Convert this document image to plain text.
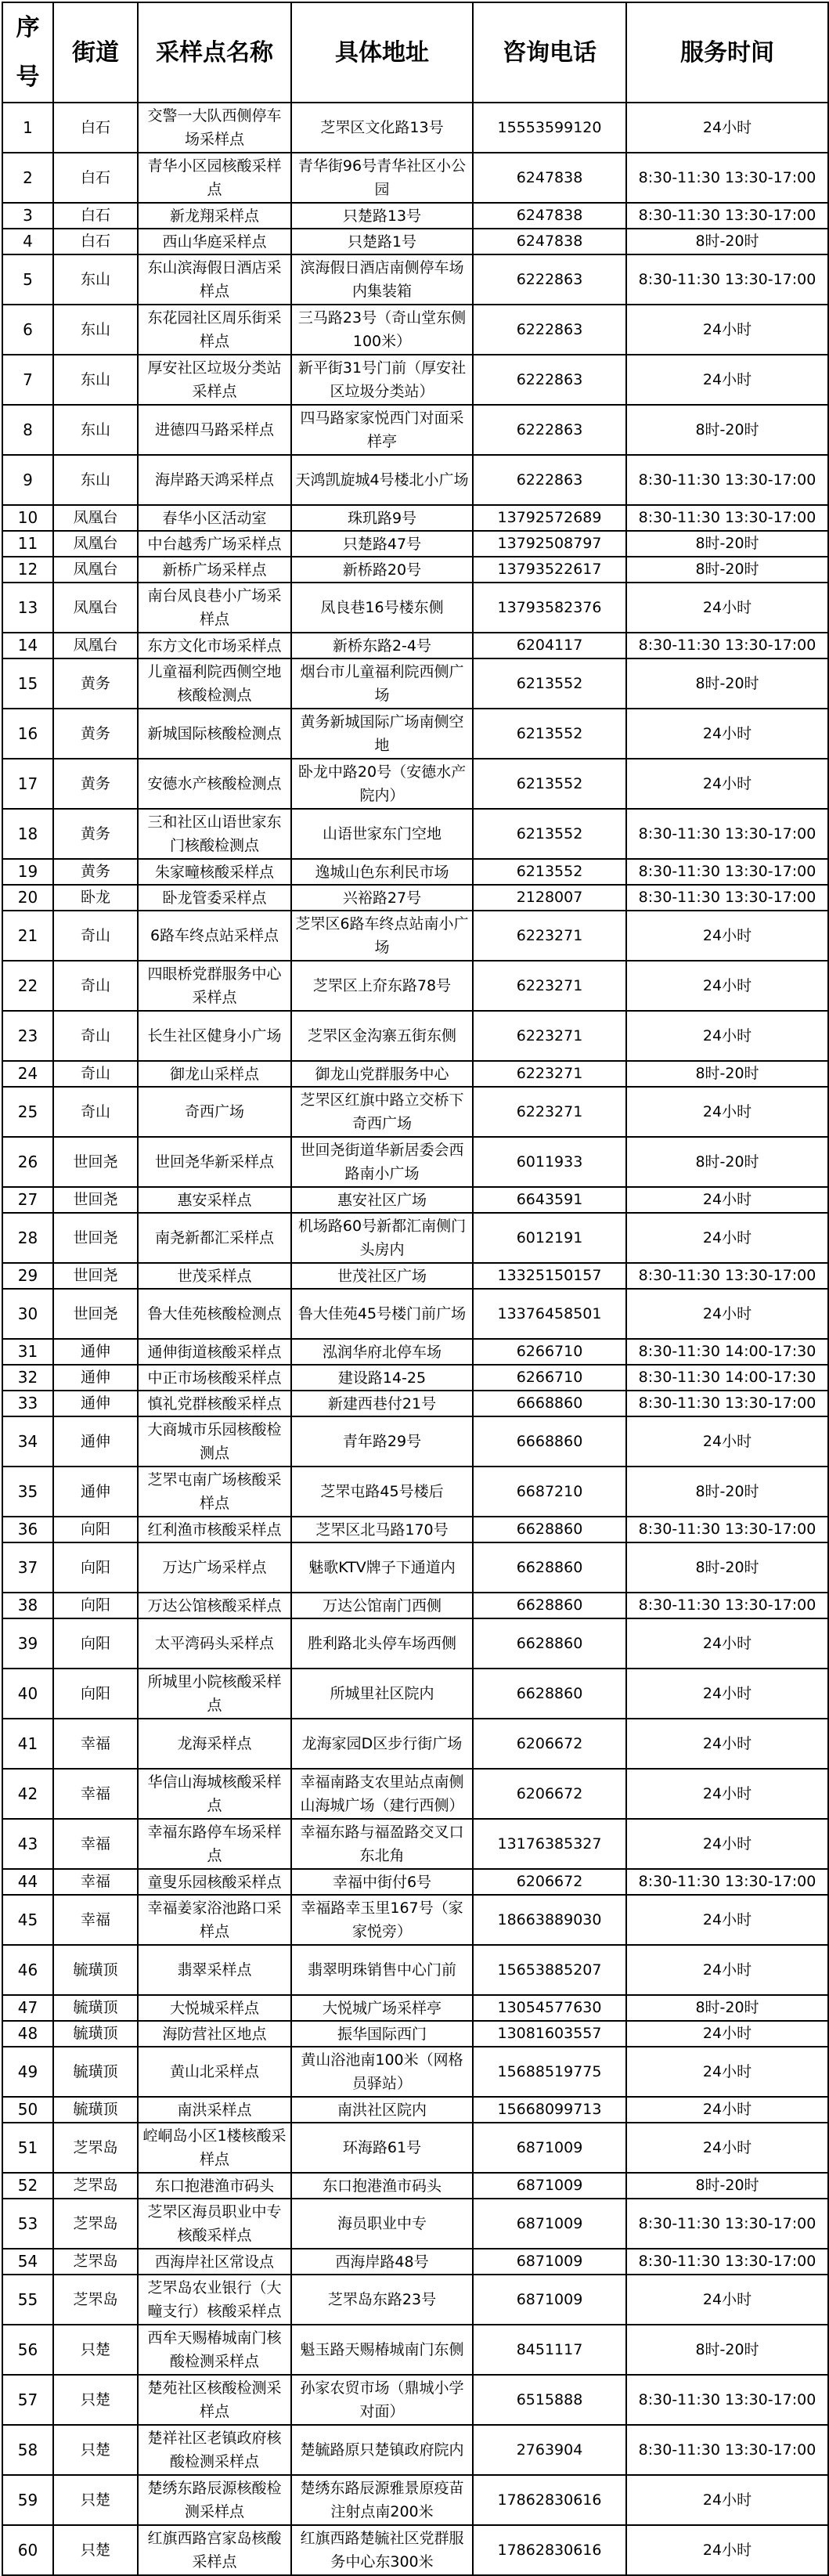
序号	街道	采样点名称	具体地址	咨询电话	服务时间
1	白石	交警一大队西侧停车场采样点	芝罘区文化路13号	15553599120	24小时
2	白石	青华小区园核酸采样点	青华街96号青华社区小公园	6247838	8:30-11:30 13:30-17:00
3	白石	新龙翔采样点	只楚路13号	6247838	8:30-11:30 13:30-17:00
4	白石	西山华庭采样点	只楚路1号	6247838	8时-20时
5	东山	东山滨海假日酒店采样点	滨海假日酒店南侧停车场内集装箱	6222863	8:30-11:30 13:30-17:00
6	东山	东花园社区周乐街采样点	三马路23号（奇山堂东侧100米）	6222863	24小时
7	东山	厚安社区垃圾分类站采样点	新平街31号门前（厚安社区垃圾分类站）	6222863	24小时
8	东山	进德四马路采样点	四马路家家悦西门对面采样亭	6222863	8时-20时
9	东山	海岸路天鸿采样点	天鸿凯旋城4号楼北小广场	6222863	8:30-11:30 13:30-17:00
10	凤凰台	春华小区活动室	珠玑路9号	13792572689	8:30-11:30 13:30-17:00
11	凤凰台	中台越秀广场采样点	只楚路47号	13792508797	8时-20时
12	凤凰台	新桥广场采样点	新桥路20号	13793522617	8时-20时
13	凤凰台	南台凤良巷小广场采样点	凤良巷16号楼东侧	13793582376	24小时
14	凤凰台	东方文化市场采样点	新桥东路2-4号	6204117	8:30-11:30 13:30-17:00
15	黄务	儿童福利院西侧空地核酸检测点	烟台市儿童福利院西侧广场	6213552	8时-20时
16	黄务	新城国际核酸检测点	黄务新城国际广场南侧空地	6213552	24小时
17	黄务	安德水产核酸检测点	卧龙中路20号（安德水产院内）	6213552	24小时
18	黄务	三和社区山语世家东门核酸检测点	山语世家东门空地	6213552	8:30-11:30 13:30-17:00
19	黄务	朱家疃核酸采样点	逸城山色东利民市场	6213552	8:30-11:30 13:30-17:00
20	卧龙	卧龙管委采样点	兴裕路27号	2128007	8:30-11:30 13:30-17:00
21	奇山	6路车终点站采样点	芝罘区6路车终点站南小广场	6223271	24小时
22	奇山	四眼桥党群服务中心采样点	芝罘区上夼东路78号	6223271	24小时
23	奇山	长生社区健身小广场	芝罘区金沟寨五街东侧	6223271	24小时
24	奇山	御龙山采样点	御龙山党群服务中心	6223271	8时-20时
25	奇山	奇西广场	芝罘区红旗中路立交桥下奇西广场	6223271	24小时
26	世回尧	世回尧华新采样点	世回尧街道华新居委会西路南小广场	6011933	8时-20时
27	世回尧	惠安采样点	惠安社区广场	6643591	24小时
28	世回尧	南尧新都汇采样点	机场路60号新都汇南侧门头房内	6012191	24小时
29	世回尧	世茂采样点	世茂社区广场	13325150157	8:30-11:30 13:30-17:00
30	世回尧	鲁大佳苑核酸检测点	鲁大佳苑45号楼门前广场	13376458501	24小时
31	通伸	通伸街道核酸采样点	泓润华府北停车场	6266710	8:30-11:30 14:00-17:30
32	通伸	中正市场核酸采样点	建设路14-25	6266710	8:30-11:30 14:00-17:30
33	通伸	慎礼党群核酸采样点	新建西巷付21号	6668860	8:30-11:30 13:30-17:00
34	通伸	大商城市乐园核酸检测点	青年路29号	6668860	24小时
35	通伸	芝罘屯南广场核酸采样点	芝罘屯路45号楼后	6687210	8时-20时
36	向阳	红利渔市核酸采样点	芝罘区北马路170号	6628860	8:30-11:30 13:30-17:00
37	向阳	万达广场采样点	魅歌KTV牌子下通道内	6628860	8时-20时
38	向阳	万达公馆核酸采样点	万达公馆南门西侧	6628860	8:30-11:30 13:30-17:00
39	向阳	太平湾码头采样点	胜利路北头停车场西侧	6628860	24小时
40	向阳	所城里小院核酸采样点	所城里社区院内	6628860	24小时
41	幸福	龙海采样点	龙海家园D区步行街广场	6206672	24小时
42	幸福	华信山海城核酸采样点	幸福南路支农里站点南侧山海城广场（建行西侧）	6206672	24小时
43	幸福	幸福东路停车场采样点	幸福东路与福盈路交叉口东北角	13176385327	24小时
44	幸福	童叟乐园核酸采样点	幸福中街付6号	6206672	8:30-11:30 13:30-17:00
45	幸福	幸福姜家浴池路口采样点	幸福路幸玉里167号（家家悦旁）	18663889030	24小时
46	毓璜顶	翡翠采样点	翡翠明珠销售中心门前	15653885207	24小时
47	毓璜顶	大悦城采样点	大悦城广场采样亭	13054577630	8时-20时
48	毓璜顶	海防营社区地点	振华国际西门	13081603557	24小时
49	毓璜顶	黄山北采样点	黄山浴池南100米（网格员驿站）	15688519775	24小时
50	毓璜顶	南洪采样点	南洪社区院内	15668099713	24小时
51	芝罘岛	崆峒岛小区1楼核酸采样点	环海路61号	6871009	24小时
52	芝罘岛	东口抱港渔市码头	东口抱港渔市码头	6871009	8时-20时
53	芝罘岛	芝罘区海员职业中专核酸采样点	海员职业中专	6871009	8:30-11:30 13:30-17:00
54	芝罘岛	西海岸社区常设点	西海岸路48号	6871009	8:30-11:30 13:30-17:00
55	芝罘岛	芝罘岛农业银行（大疃支行）核酸采样点	芝罘岛东路23号	6871009	24小时
56	只楚	西牟天赐椿城南门核酸检测采样点	魁玉路天赐椿城南门东侧	8451117	8时-20时
57	只楚	楚苑社区核酸检测采样点	孙家农贸市场（鼎城小学对面）	6515888	8:30-11:30 13:30-17:00
58	只楚	楚祥社区老镇政府核酸检测采样点	楚毓路原只楚镇政府院内	2763904	8:30-11:30 13:30-17:00
59	只楚	楚绣东路辰源核酸检测采样点	楚绣东路辰源雅景原疫苗注射点南200米	17862830616	24小时
60	只楚	红旗西路宫家岛核酸采样点	红旗西路楚毓社区党群服务中心东300米	17862830616	24小时
